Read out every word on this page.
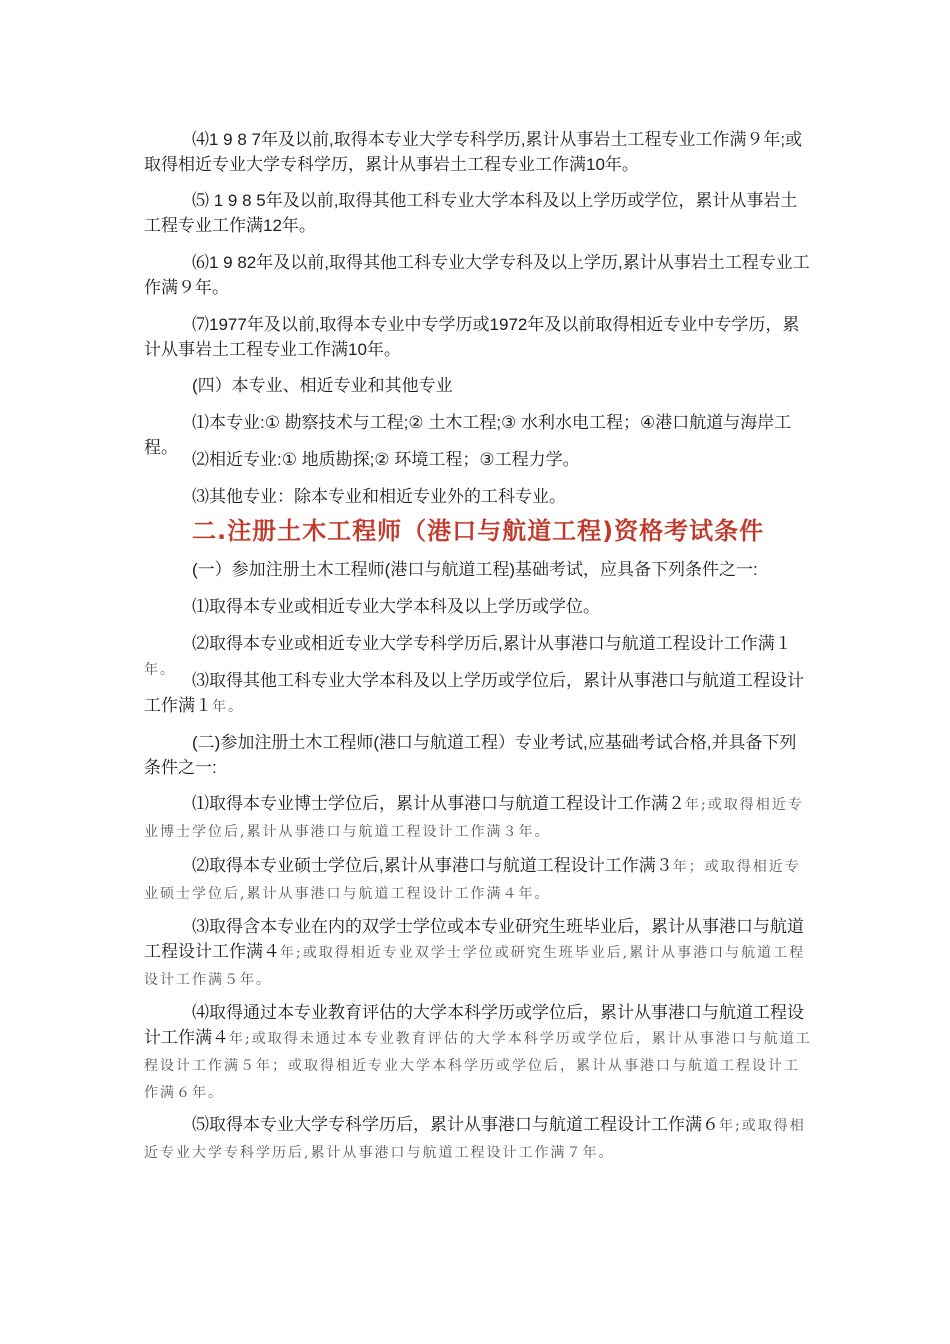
⑷1 9 8 7年及以前,取得本专业大学专科学历,累计从事岩土工程专业工作满９年;或取得相近专业大学专科学历，累计从事岩土工程专业工作满10年。

⑸ 1 9 8 5年及以前,取得其他工科专业大学本科及以上学历或学位，累计从事岩土工程专业工作满12年。

⑹1 9 82年及以前,取得其他工科专业大学专科及以上学历,累计从事岩土工程专业工作满９年。

⑺1977年及以前,取得本专业中专学历或1972年及以前取得相近专业中专学历，累计从事岩土工程专业工作满10年。

(四）本专业、相近专业和其他专业

⑴本专业:① 勘察技术与工程;② 土木工程;③ 水利水电工程；④港口航道与海岸工程。

⑵相近专业:① 地质勘探;② 环境工程；③工程力学。

⑶其他专业：除本专业和相近专业外的工科专业。

二.注册土木工程师（港口与航道工程)资格考试条件

(一）参加注册土木工程师(港口与航道工程)基础考试，应具备下列条件之一:

⑴取得本专业或相近专业大学本科及以上学历或学位。

⑵取得本专业或相近专业大学专科学历后,累计从事港口与航道工程设计工作满１年。

⑶取得其他工科专业大学本科及以上学历或学位后，累计从事港口与航道工程设计工作满１年。

(二)参加注册土木工程师(港口与航道工程）专业考试,应基础考试合格,并具备下列条件之一:

⑴取得本专业博士学位后，累计从事港口与航道工程设计工作满２年;或取得相近专业博士学位后,累计从事港口与航道工程设计工作满３年。

⑵取得本专业硕士学位后,累计从事港口与航道工程设计工作满３年；或取得相近专业硕士学位后,累计从事港口与航道工程设计工作满４年。

⑶取得含本专业在内的双学士学位或本专业研究生班毕业后，累计从事港口与航道工程设计工作满４年;或取得相近专业双学士学位或研究生班毕业后,累计从事港口与航道工程设计工作满５年。

⑷取得通过本专业教育评估的大学本科学历或学位后，累计从事港口与航道工程设计工作满４年;或取得未通过本专业教育评估的大学本科学历或学位后，累计从事港口与航道工程设计工作满５年；或取得相近专业大学本科学历或学位后，累计从事港口与航道工程设计工作满６年。

⑸取得本专业大学专科学历后，累计从事港口与航道工程设计工作满６年;或取得相近专业大学专科学历后,累计从事港口与航道工程设计工作满７年。
